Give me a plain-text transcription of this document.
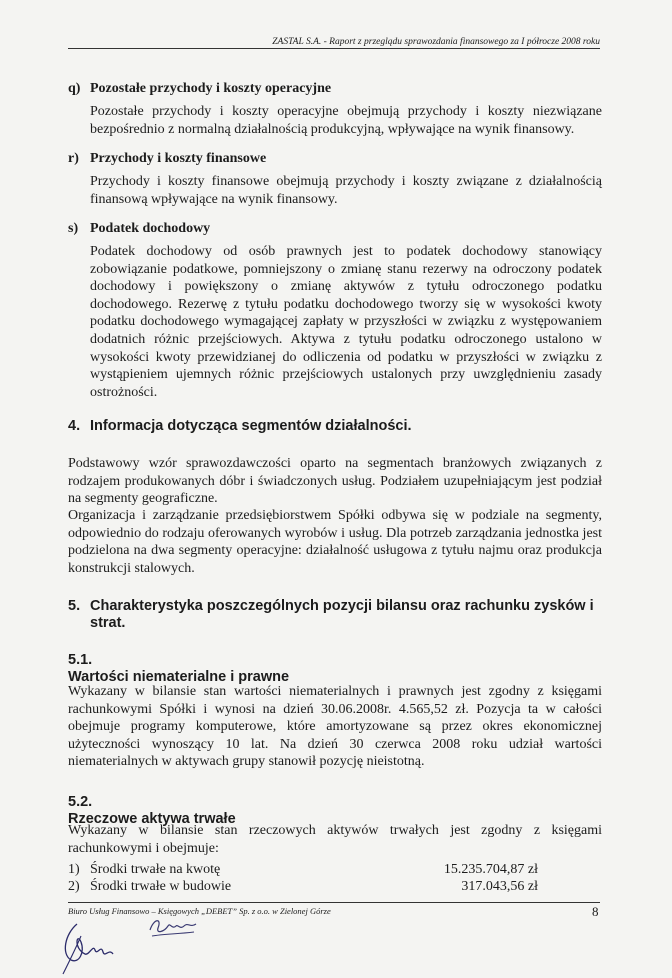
ZASTAL S.A. - Raport z przeglądu sprawozdania finansowego za I półrocze 2008 roku
q) Pozostałe przychody i koszty operacyjne
Pozostałe przychody i koszty operacyjne obejmują przychody i koszty niezwiązane bezpośrednio z normalną działalnością produkcyjną, wpływające na wynik finansowy.
r) Przychody i koszty finansowe
Przychody i koszty finansowe obejmują przychody i koszty związane z działalnością finansową wpływające na wynik finansowy.
s) Podatek dochodowy
Podatek dochodowy od osób prawnych jest to podatek dochodowy stanowiący zobowiązanie podatkowe, pomniejszony o zmianę stanu rezerwy na odroczony podatek dochodowy i powiększony o zmianę aktywów z tytułu odroczonego podatku dochodowego. Rezerwę z tytułu podatku dochodowego tworzy się w wysokości kwoty podatku dochodowego wymagającej zapłaty w przyszłości w związku z występowaniem dodatnich różnic przejściowych. Aktywa z tytułu podatku odroczonego ustalono w wysokości kwoty przewidzianej do odliczenia od podatku w przyszłości w związku z wystąpieniem ujemnych różnic przejściowych ustalonych przy uwzględnieniu zasady ostrożności.
4. Informacja dotycząca segmentów działalności.
Podstawowy wzór sprawozdawczości oparto na segmentach branżowych związanych z rodzajem produkowanych dóbr i świadczonych usług. Podziałem uzupełniającym jest podział na segmenty geograficzne.
Organizacja i zarządzanie przedsiębiorstwem Spółki odbywa się w podziale na segmenty, odpowiednio do rodzaju oferowanych wyrobów i usług. Dla potrzeb zarządzania jednostka jest podzielona na dwa segmenty operacyjne: działalność usługowa z tytułu najmu oraz produkcja konstrukcji stalowych.
5. Charakterystyka poszczególnych pozycji bilansu oraz rachunku zysków i strat.
5.1.Wartości niematerialne i prawne
Wykazany w bilansie stan wartości niematerialnych i prawnych jest zgodny z księgami rachunkowymi Spółki i wynosi na dzień 30.06.2008r. 4.565,52 zł. Pozycja ta w całości obejmuje programy komputerowe, które amortyzowane są przez okres ekonomicznej użyteczności wynoszący 10 lat. Na dzień 30 czerwca 2008 roku udział wartości niematerialnych w aktywach grupy stanowił pozycję nieistotną.
5.2.Rzeczowe aktywa trwałe
Wykazany w bilansie stan rzeczowych aktywów trwałych jest zgodny z księgami rachunkowymi i obejmuje:
1) Środki trwałe na kwotę	15.235.704,87 zł
2) Środki trwałe w budowie	317.043,56 zł
Biuro Usług Finansowo – Księgowych „DEBET” Sp. z o.o. w Zielonej Górze	8
